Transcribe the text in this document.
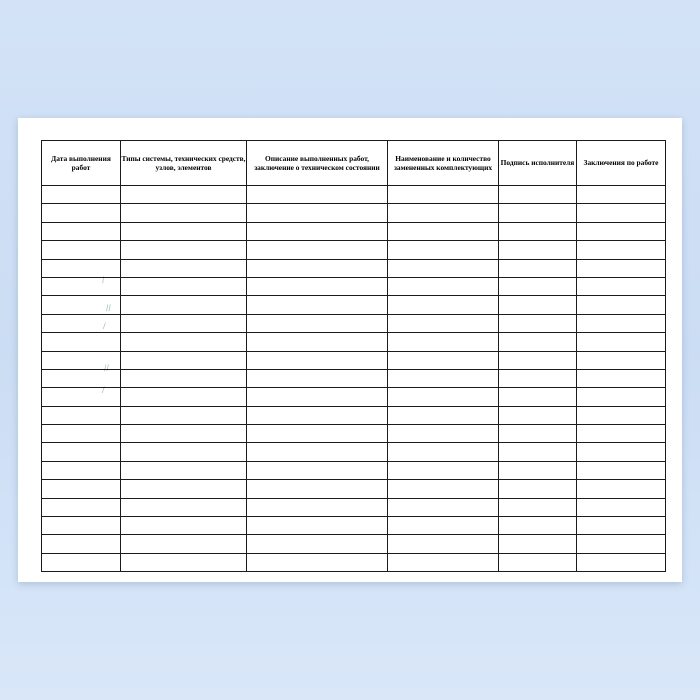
/
//
/
//
/
Дата выполнения работ	Типы системы, технических средств, узлов, элементов	Описание выполненных работ, заключение о техническом состоянии	Наименование и количество замененных комплектующих	Подпись исполнителя	Заключения по работе
